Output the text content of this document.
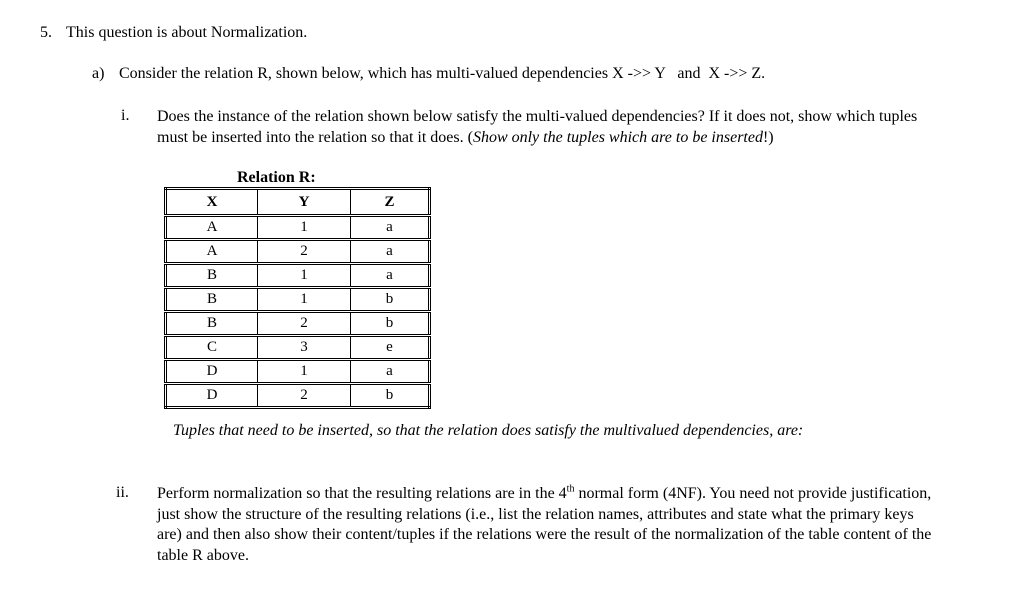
5. This question is about Normalization.
a) Consider the relation R, shown below, which has multi-valued dependencies X ->> Y   and  X ->> Z.
i. Does the instance of the relation shown below satisfy the multi-valued dependencies? If it does not, show which tuples must be inserted into the relation so that it does. (Show only the tuples which are to be inserted!)
Relation R:
X	Y	Z
A	1	a
A	2	a
B	1	a
B	1	b
B	2	b
C	3	e
D	1	a
D	2	b
Tuples that need to be inserted, so that the relation does satisfy the multivalued dependencies, are:
ii. Perform normalization so that the resulting relations are in the 4th normal form (4NF). You need not provide justification, just show the structure of the resulting relations (i.e., list the relation names, attributes and state what the primary keys are) and then also show their content/tuples if the relations were the result of the normalization of the table content of the table R above.
